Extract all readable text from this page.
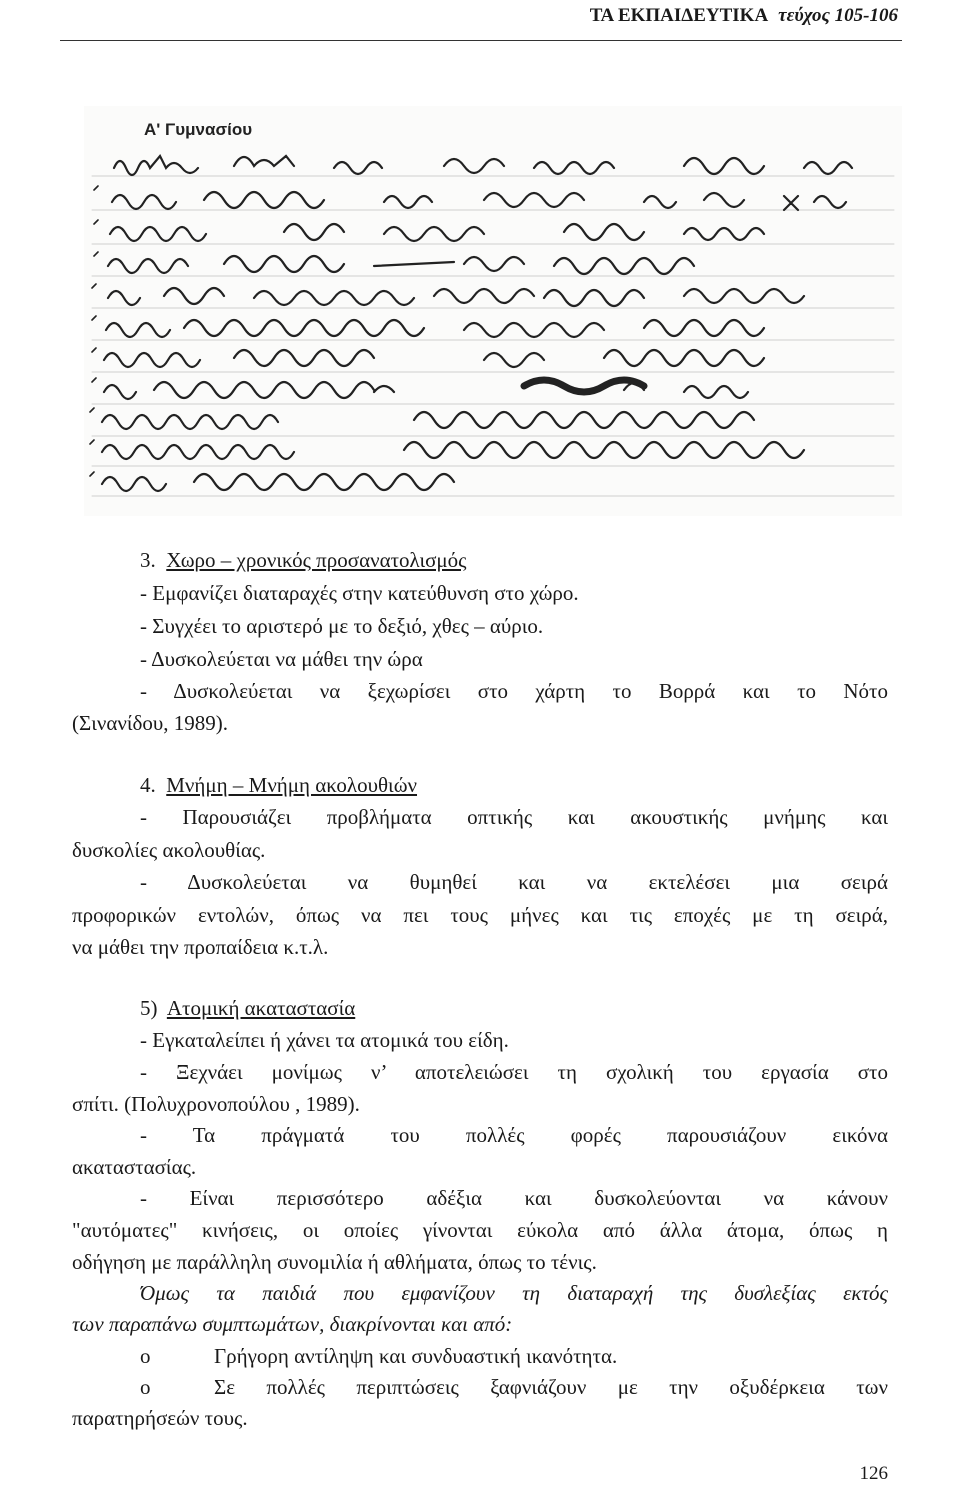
ΤΑ ΕΚΠΑΙΔΕΥΤΙΚΑ τεύχος 105-106
Α' Γυμνασίου
3. Χωρο – χρονικός προσανατολισμός
- Εμφανίζει διαταραχές στην κατεύθυνση στο χώρο.
- Συγχέει το αριστερό με το δεξιό, χθες – αύριο.
- Δυσκολεύεται να μάθει την ώρα
- Δυσκολεύεται να ξεχωρίσει στο χάρτη το Βορρά και το Νότο
(Σινανίδου, 1989).
4. Μνήμη – Μνήμη ακολουθιών
- Παρουσιάζει προβλήματα οπτικής και ακουστικής μνήμης και
δυσκολίες ακολουθίας.
- Δυσκολεύεται να θυμηθεί και να εκτελέσει μια σειρά
προφορικών εντολών, όπως να πει τους μήνες και τις εποχές με τη σειρά,
να μάθει την προπαίδεια κ.τ.λ.
5) Ατομική ακαταστασία
- Εγκαταλείπει ή χάνει τα ατομικά του είδη.
- Ξεχνάει μονίμως ν’ αποτελειώσει τη σχολική του εργασία στο
σπίτι. (Πολυχρονοπούλου , 1989).
- Τα πράγματά του πολλές φορές παρουσιάζουν εικόνα
ακαταστασίας.
- Είναι περισσότερο αδέξια και δυσκολεύονται να κάνουν
"αυτόματες" κινήσεις, οι οποίες γίνονται εύκολα από άλλα άτομα, όπως η
οδήγηση με παράλληλη συνομιλία ή αθλήματα, όπως το τένις.
Όμως τα παιδιά που εμφανίζουν τη διαταραχή της δυσλεξίας εκτός
των παραπάνω συμπτωμάτων, διακρίνονται και από:
o	Γρήγορη αντίληψη και συνδυαστική ικανότητα.
o	Σε πολλές περιπτώσεις ξαφνιάζουν με την οξυδέρκεια των
παρατηρήσεών τους.
126
